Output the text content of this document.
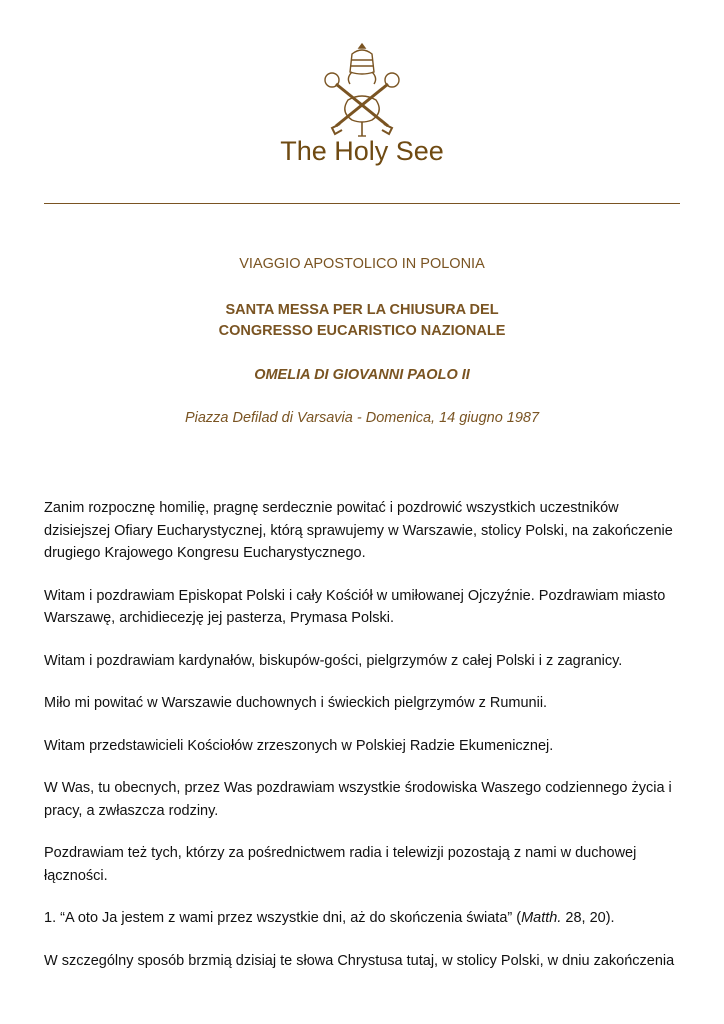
The Holy See
VIAGGIO APOSTOLICO IN POLONIA
SANTA MESSA PER LA CHIUSURA DEL
CONGRESSO EUCARISTICO NAZIONALE
OMELIA DI GIOVANNI PAOLO II
Piazza Defilad di Varsavia - Domenica, 14 giugno 1987

Zanim rozpocznę homilię, pragnę serdecznie powitać i pozdrowić wszystkich uczestników dzisiejszej Ofiary Eucharystycznej, którą sprawujemy w Warszawie, stolicy Polski, na zakończenie drugiego Krajowego Kongresu Eucharystycznego.

Witam i pozdrawiam Episkopat Polski i cały Kościół w umiłowanej Ojczyźnie. Pozdrawiam miasto Warszawę, archidiecezję jej pasterza, Prymasa Polski.

Witam i pozdrawiam kardynałów, biskupów-gości, pielgrzymów z całej Polski i z zagranicy.

Miło mi powitać w Warszawie duchownych i świeckich pielgrzymów z Rumunii.

Witam przedstawicieli Kościołów zrzeszonych w Polskiej Radzie Ekumenicznej.

W Was, tu obecnych, przez Was pozdrawiam wszystkie środowiska Waszego codziennego życia i pracy, a zwłaszcza rodziny.

Pozdrawiam też tych, którzy za pośrednictwem radia i telewizji pozostają z nami w duchowej łączności.

1. “A oto Ja jestem z wami przez wszystkie dni, aż do skończenia świata” (Matth. 28, 20).

W szczególny sposób brzmią dzisiaj te słowa Chrystusa tutaj, w stolicy Polski, w dniu zakończenia
